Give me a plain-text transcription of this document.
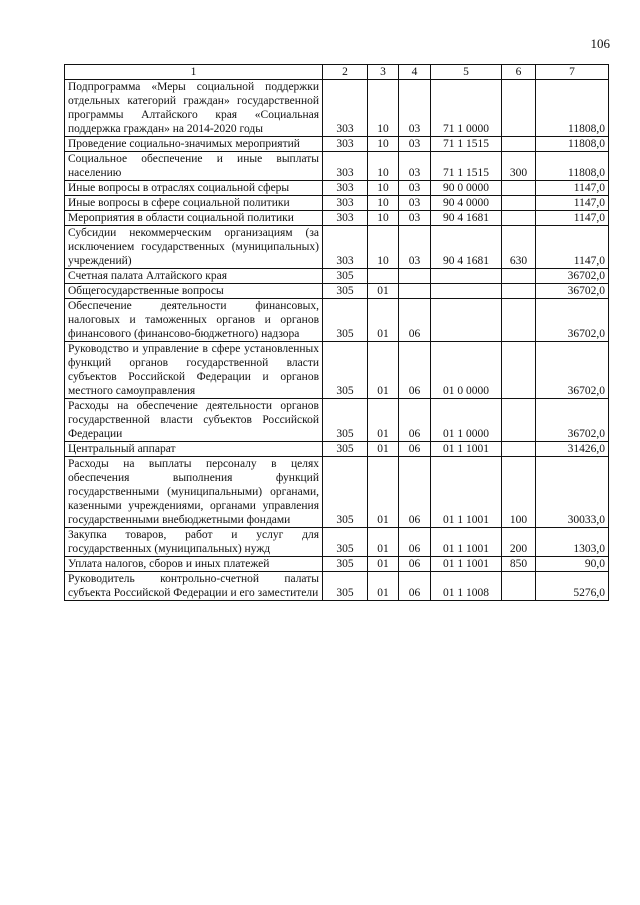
106
1	2	3	4	5	6	7
Подпрограмма «Меры социальной поддержки отдельных категорий граждан» государственной программы Алтайского края «Социальная поддержка граждан» на 2014-2020 годы	303	10	03	71 1 0000		11808,0
Проведение социально-значимых мероприятий	303	10	03	71 1 1515		11808,0
Социальное обеспечение и иные выплаты населению	303	10	03	71 1 1515	300	11808,0
Иные вопросы в отраслях социальной сферы	303	10	03	90 0 0000		1147,0
Иные вопросы в сфере социальной политики	303	10	03	90 4 0000		1147,0
Мероприятия в области социальной политики	303	10	03	90 4 1681		1147,0
Субсидии некоммерческим организациям (за исключением государственных (муниципальных) учреждений)	303	10	03	90 4 1681	630	1147,0
Счетная палата Алтайского края	305					36702,0
Общегосударственные вопросы	305	01				36702,0
Обеспечение деятельности финансовых, налоговых и таможенных органов и органов финансового (финансово-бюджетного) надзора	305	01	06			36702,0
Руководство и управление в сфере установленных функций органов государственной власти субъектов Российской Федерации и органов местного самоуправления	305	01	06	01 0 0000		36702,0
Расходы на обеспечение деятельности органов государственной власти субъектов Российской Федерации	305	01	06	01 1 0000		36702,0
Центральный аппарат	305	01	06	01 1 1001		31426,0
Расходы на выплаты персоналу в целях обеспечения выполнения функций государственными (муниципальными) органами, казенными учреждениями, органами управления государственными внебюджетными фондами	305	01	06	01 1 1001	100	30033,0
Закупка товаров, работ и услуг для государственных (муниципальных) нужд	305	01	06	01 1 1001	200	1303,0
Уплата налогов, сборов и иных платежей	305	01	06	01 1 1001	850	90,0
Руководитель контрольно-счетной палаты субъекта Российской Федерации и его заместители	305	01	06	01 1 1008		5276,0
